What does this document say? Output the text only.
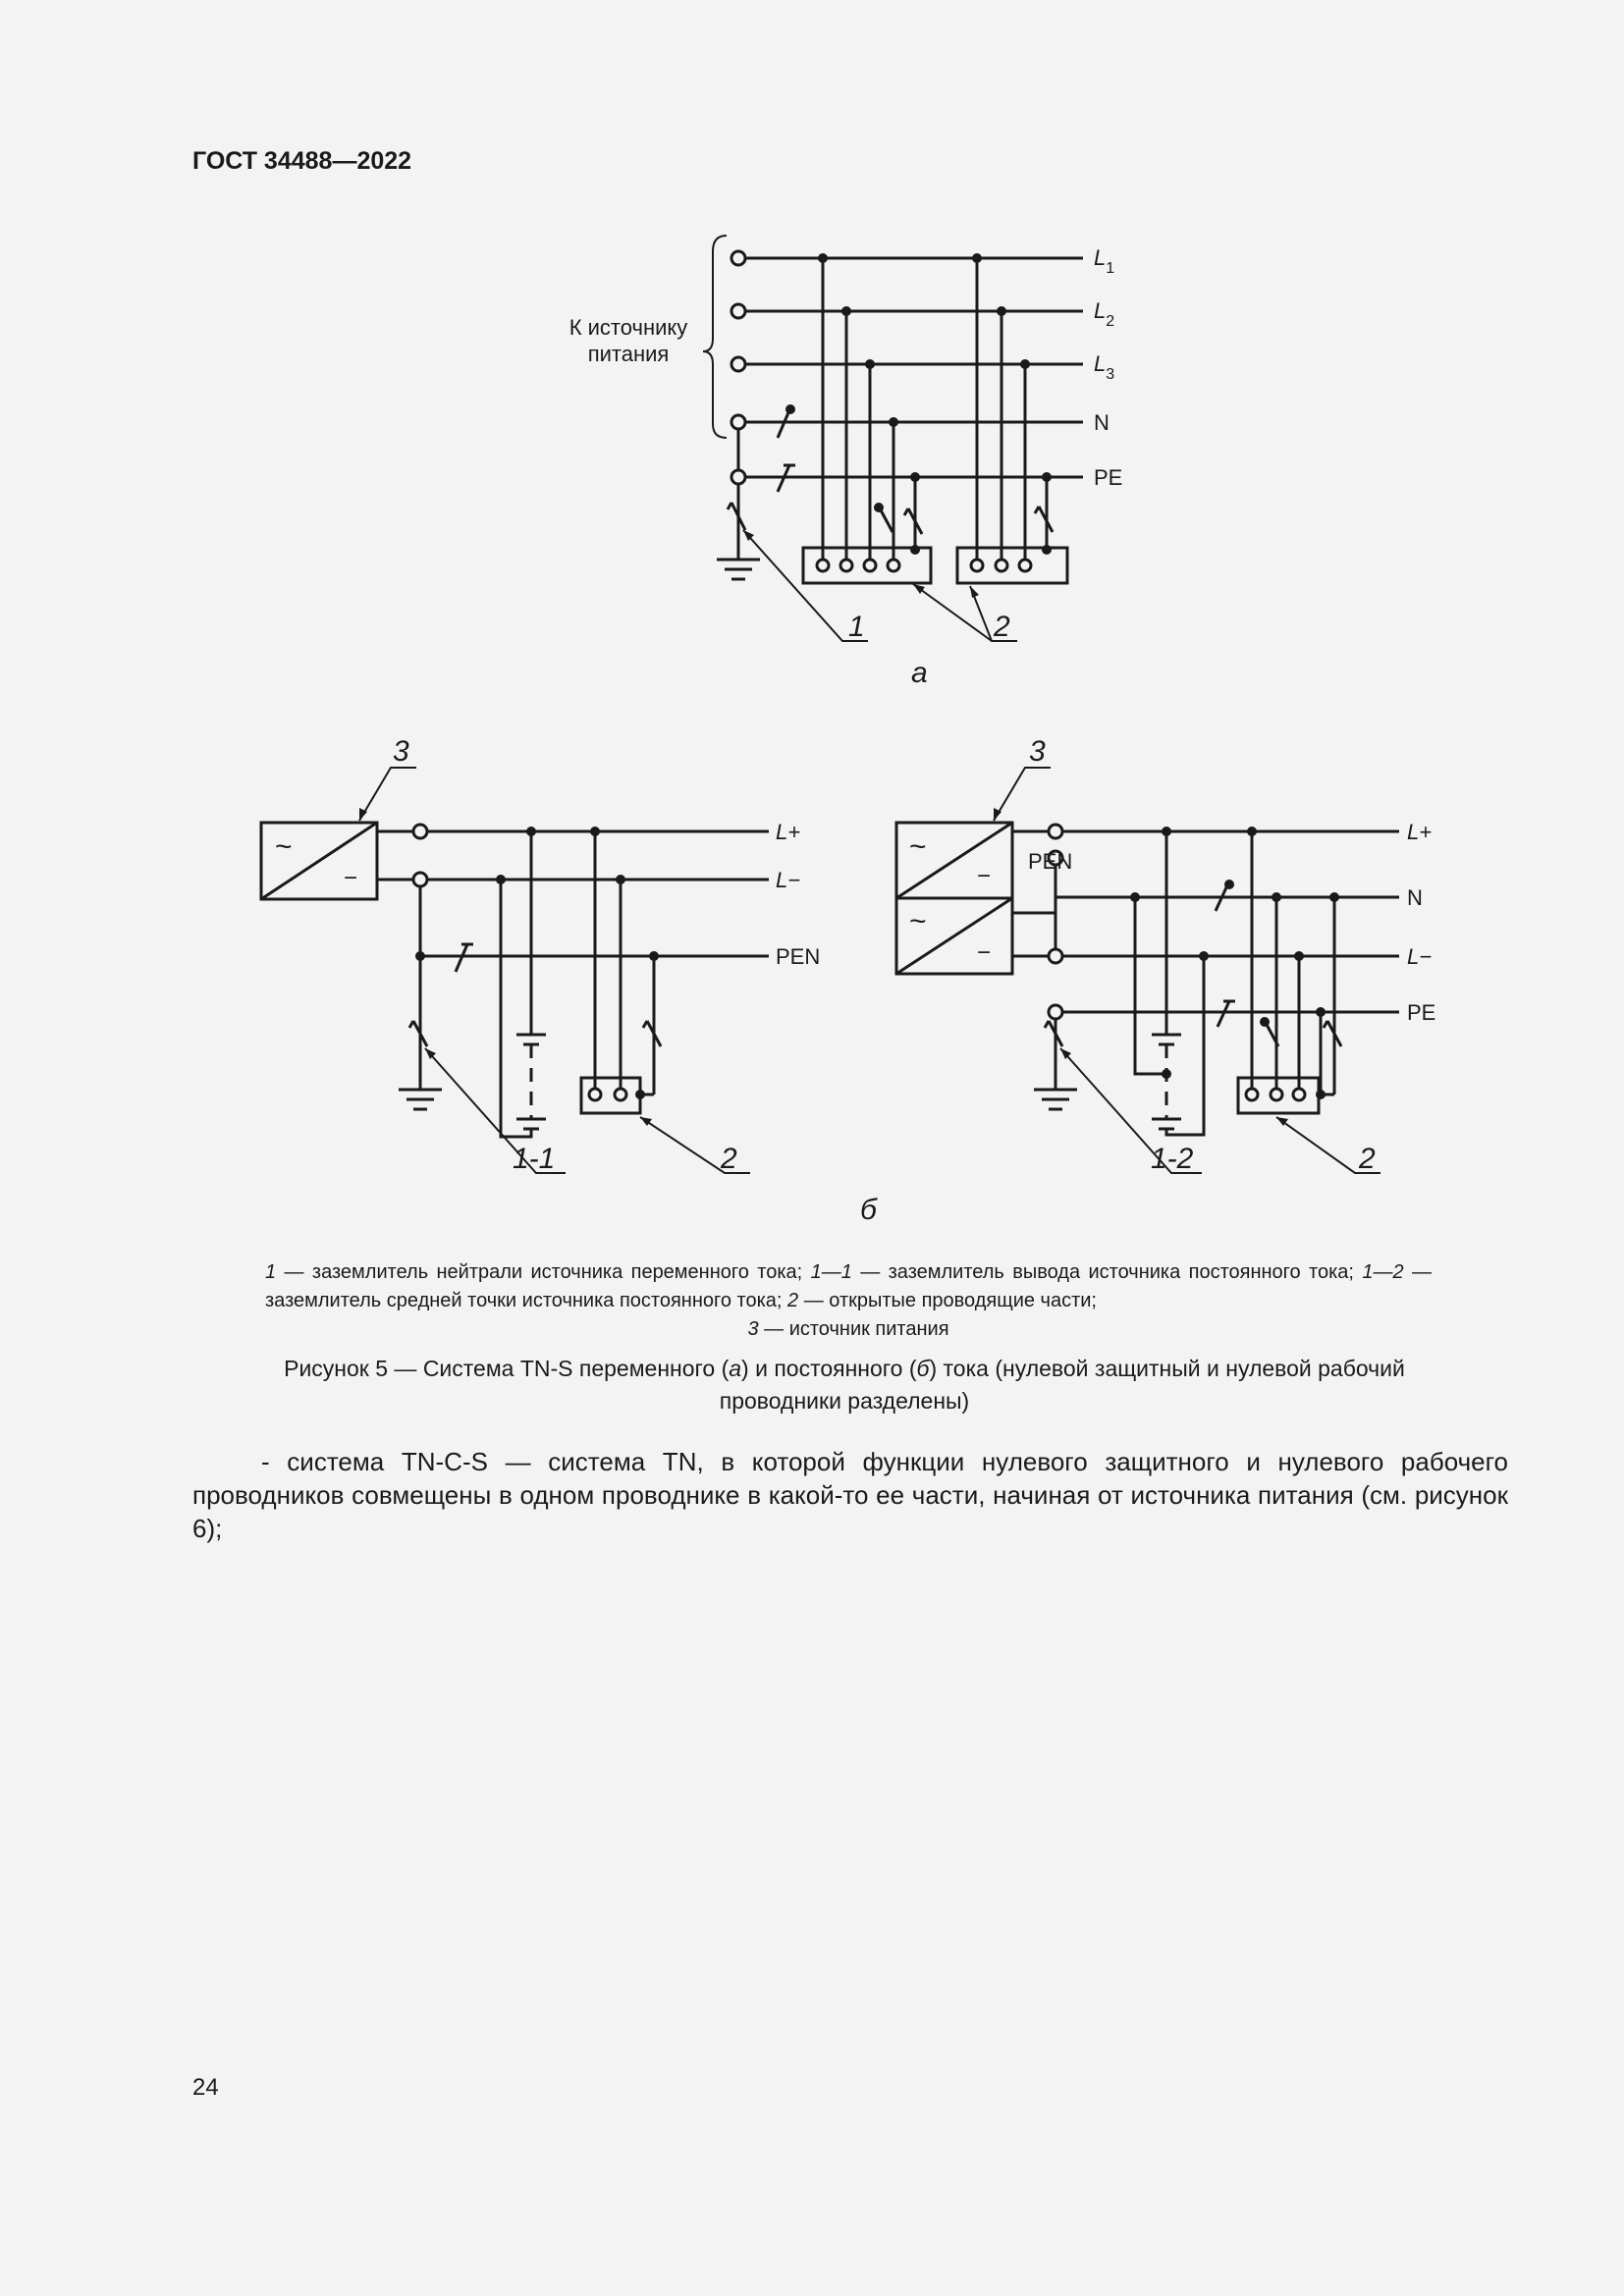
ГОСТ 34488—2022
К источнику
питания
$L_1$
$L_2$
$L_3$
N
PE
1	2
а
~
−
L+
L−
PEN
3
1-1	2
~
−
~
−
PEN
L+
N
L−
PE
3
1-2	2
б
1 — заземлитель нейтрали источника переменного тока; 1—1 — заземлитель вывода источника постоянного тока; 1—2 — заземлитель средней точки источника постоянного тока; 2 — открытые проводящие части;
3 — источник питания
Рисунок 5 — Система TN-S переменного (а) и постоянного (б) тока (нулевой защитный и нулевой рабочий проводники разделены)
- система TN-C-S — система TN, в которой функции нулевого защитного и нулевого рабочего проводников совмещены в одном проводнике в какой-то ее части, начиная от источника питания (см. рисунок 6);
24
